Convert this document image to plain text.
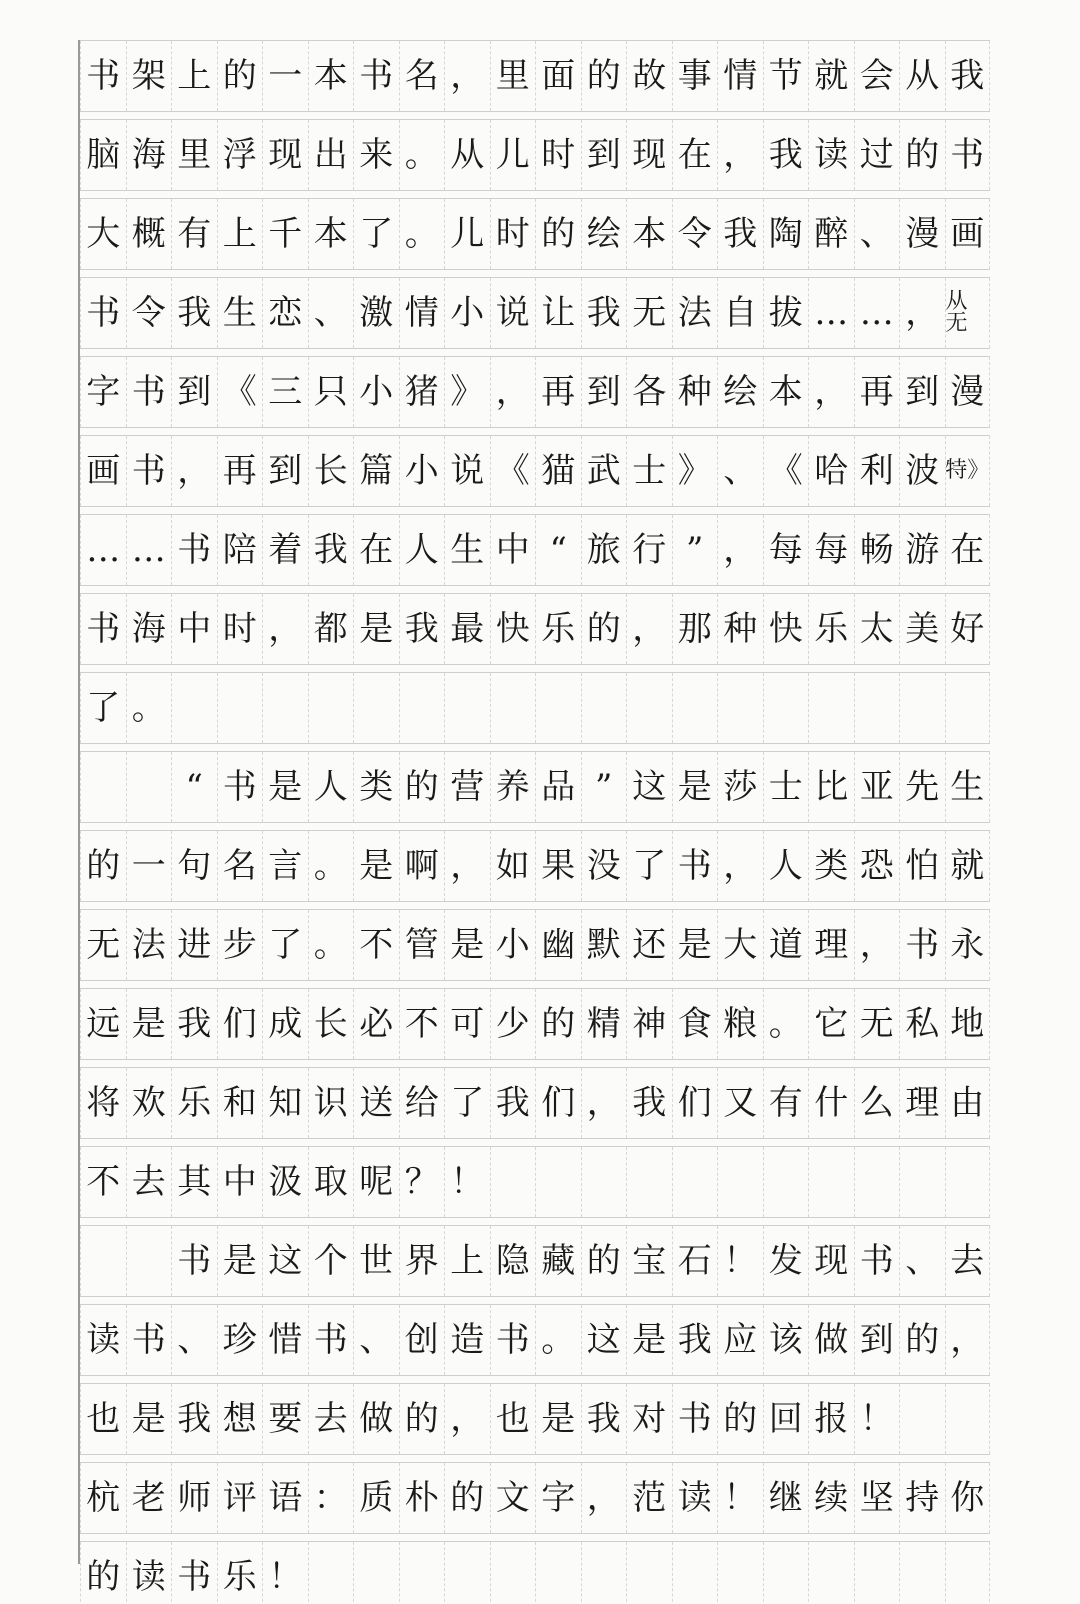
书 架 上 的 一 本 书 名 ， 里 面 的 故 事 情 节 就 会 从 我
脑 海 里 浮 现 出 来 。 从 儿 时 到 现 在 ， 我 读 过 的 书
大 概 有 上 千 本 了 。 儿 时 的 绘 本 令 我 陶 醉 、 漫 画
书 令 我 生 恋 、 激 情 小 说 让 我 无 法 自 拔 … … ， 从无
字 书 到 《 三 只 小 猪 》 ， 再 到 各 种 绘 本 ， 再 到 漫
画 书 ， 再 到 长 篇 小 说 《 猫 武 士 》 、 《 哈 利 波 特》
… … 书 陪 着 我 在 人 生 中 “ 旅 行 ” ， 每 每 畅 游 在
书 海 中 时 ， 都 是 我 最 快 乐 的 ， 那 种 快 乐 太 美 好
了 。

“ 书 是 人 类 的 营 养 品 ” 这 是 莎 士 比 亚 先 生
的 一 句 名 言 。 是 啊 ， 如 果 没 了 书 ， 人 类 恐 怕 就
无 法 进 步 了 。 不 管 是 小 幽 默 还 是 大 道 理 ， 书 永
远 是 我 们 成 长 必 不 可 少 的 精 神 食 粮 。 它 无 私 地
将 欢 乐 和 知 识 送 给 了 我 们 ， 我 们 又 有 什 么 理 由
不 去 其 中 汲 取 呢 ？ ！

书 是 这 个 世 界 上 隐 藏 的 宝 石 ！ 发 现 书 、 去
读 书 、 珍 惜 书 、 创 造 书 。 这 是 我 应 该 做 到 的 ，
也 是 我 想 要 去 做 的 ， 也 是 我 对 书 的 回 报 ！
杭 老 师 评 语 ： 质 朴 的 文 字 ， 范 读 ！ 继 续 坚 持 你
的 读 书 乐 ！
